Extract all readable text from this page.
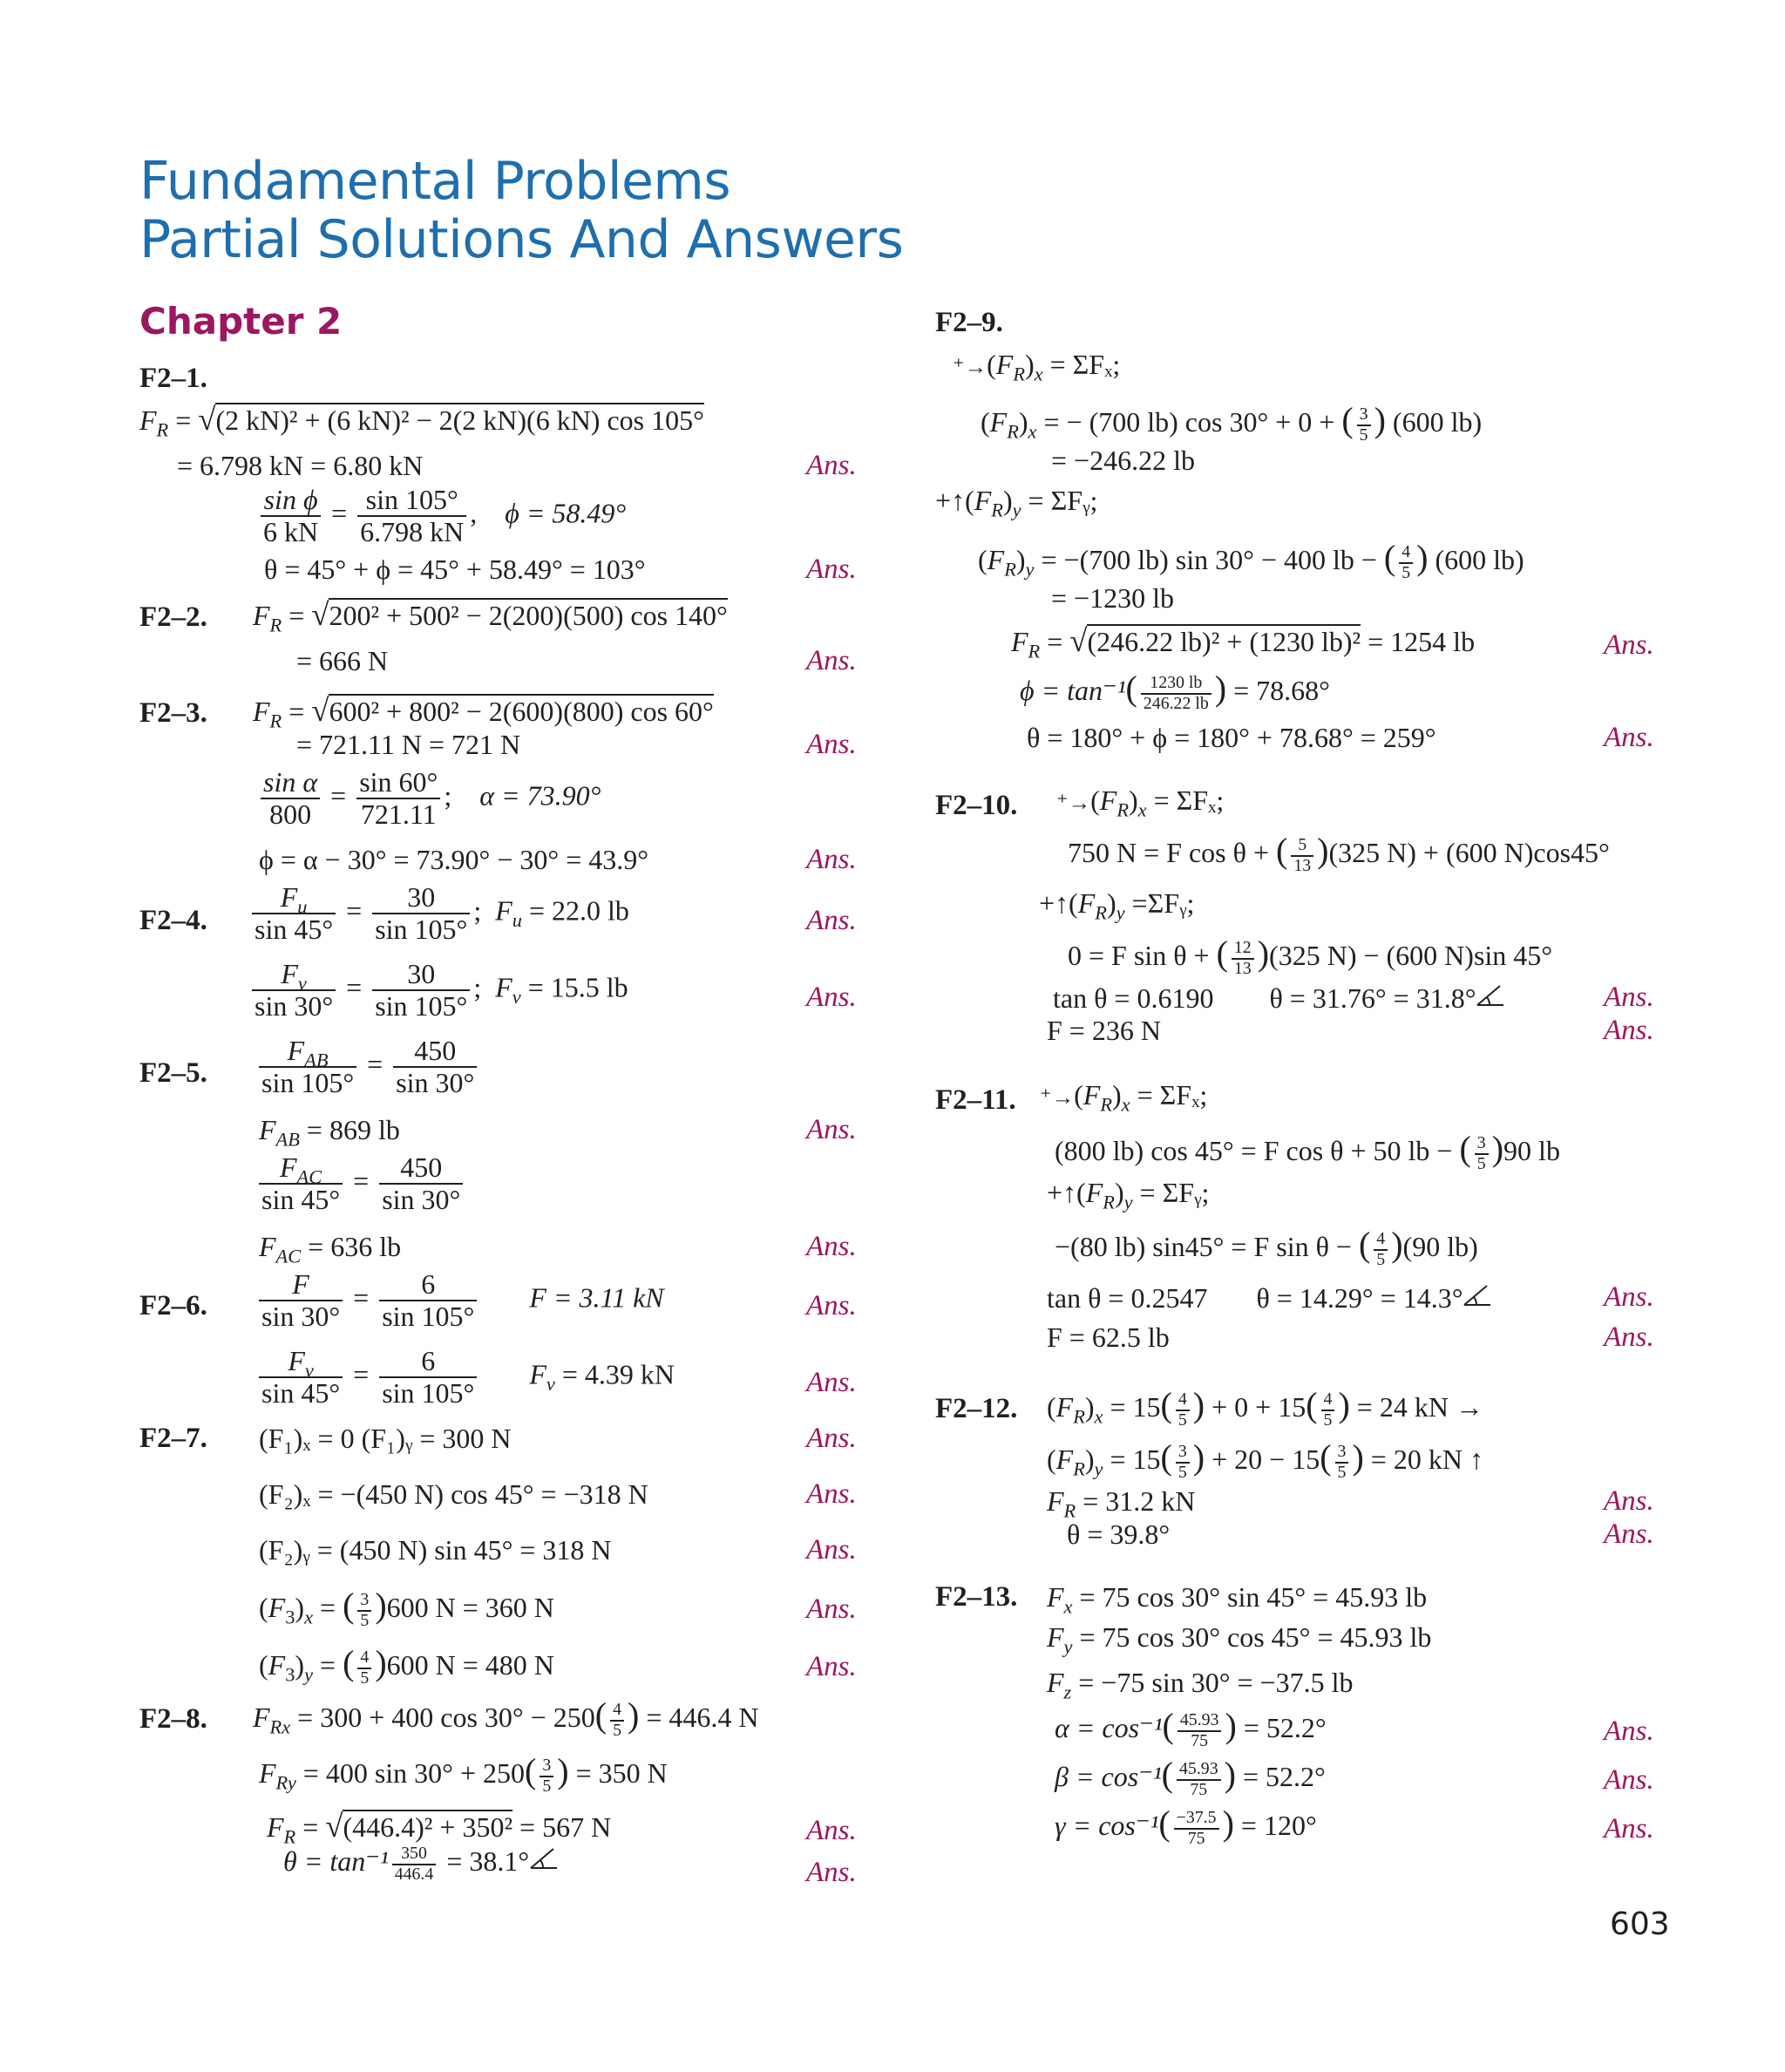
Fundamental Problems
Partial Solutions And Answers
Chapter 2
F2–1.
$F_R = √(2$ kN)² + (6 kN)² − 2(2 kN)(6 kN) cos 105°
= 6.798 kN = 6.80 kN	Ans.
$\frac{\text{sin ϕ}}{6 kN} = \frac{\sin 105^\circ}{6.798 kN}$ ,    ϕ = 58.49°
θ = 45° + ϕ = 45° + 58.49° = 103°	Ans.
F2–2. $F_R = √200^2 + 500^2 - 2(200)(500)$ cos 140°
= 666 N	Ans.
F2–3. $F_R = √600^2 + 800^2 - 2(600)(800)$ cos 60°
= 721.11 N = 721 N	Ans.
$\frac{\text{sin α}}{800} = \frac{\sin 60^\circ}{721.11}$ ;    α = 73.90°
ϕ = α − 30° = 73.90° − 30° = 43.9°	Ans.
F2–4. $\frac{F_u}{\sin 45^\circ} = \frac{30}{\sin 105^\circ}$ ;  $F_u = 22.0$ lb	Ans.
$\frac{F_v}{\sin 30^\circ} = \frac{30}{\sin 105^\circ}$ ;  $F_v = 15.5$ lb	Ans.
F2–5. $\frac{F_{AB}}{\sin 105^\circ} = \frac{450}{\sin 30^\circ}$
$F_{AB} = 869$ lb	Ans.
$\frac{F_{AC}}{\sin 45^\circ} = \frac{450}{\sin 30^\circ}$
$F_{AC} = 636$ lb	Ans.
F2–6. $\frac{F}{\sin 30^\circ} = \frac{6}{\sin 105^\circ}$ F = 3.11 kN	Ans.
$\frac{F_v}{\sin 45^\circ} = \frac{6}{\sin 105^\circ} F_v = 4.39$ kN	Ans.
F2–7. (F₁)ₓ = 0 (F₁)ᵧ = 300 N	Ans.
(F₂)ₓ = −(450 N) cos 45° = −318 N	Ans.
(F₂)ᵧ = (450 N) sin 45° = 318 N	Ans.
$(F_3)_x$ = ( $\frac{3}{5} )600$ N = 360 N	Ans.
$(F_3)_y$ = ( $\frac{4}{5} )600$ N = 480 N	Ans.
F2–8. $F_{Rx} = 300 + 400$ $\cos 30^\circ - 250( \frac{4}{5}$ ) = 446.4 N
$F_{Ry} = 400$ $\sin 30^\circ + 250( \frac{3}{5}$ ) = 350 N
$F_R = √(446.4)^2 + 350^2 = 567$ N	Ans.
$\theta = \tan^{-1} \frac{350}{446.4} = 38.1^\circ$	Ans.
F2–9.
$^+\to(F_R)_x = \Sigma F_x$;
$(F_R)_x$ = − (700 lb) cos 30° + 0 + ( $\frac{3}{5}$ ) (600 lb)
= −246.22 lb
$+↑(F_R)_y$ = ΣFᵧ;
$(F_R)_y = -(700$ lb) sin 30° − 400 lb − ( $\frac{4}{5}$ ) (600 lb)
= −1230 lb
$F_R = √(246.22$ lb)² + (1230 lb)² = 1254 lb	Ans.
$\phi = \tan^{-1}( \frac{1230 lb}{246.22 lb}$ ) = 78.68°
θ = 180° + ϕ = 180° + 78.68° = 259°	Ans.
F2–10. $^+\to(F_R)_x = \Sigma F_x$;
750 N = F cos θ + ( $\frac{5}{13} )(325$ N) + (600 N)cos45°
$+↑(F_R)_y$ =ΣFᵧ;
0 = F sin θ + ( $\frac{12}{13} )(325$ N) − (600 N)sin 45°
tan θ = 0.6190 θ = 31.76° = 31.8°	Ans.
F = 236 N	Ans.
F2–11. $^+\to(F_R)_x = \Sigma F_x$;
(800 lb) cos 45° = F cos θ + 50 lb − ( $\frac{3}{5} )90$ lb
$+↑(F_R)_y$ = ΣFᵧ;
−(80 lb) sin45° = F sin θ − ( $\frac{4}{5} )(90$ lb)
tan θ = 0.2547 θ = 14.29° = 14.3°	Ans.
F = 62.5 lb	Ans.
F2–12. $(F_R)_x = 15( \frac{4}{5}$ ) + $0 + 15( \frac{4}{5}$ ) = 24 kN →
$(F_R)_y = 15( \frac{3}{5}$ ) + $20 - 15( \frac{3}{5}$ ) = 20 kN ↑
$F_R = 31.2$ kN	Ans.
θ = 39.8°	Ans.
F2–13. $F_x = 75$ cos 30° sin 45° = 45.93 lb
$F_y = 75$ cos 30° cos 45° = 45.93 lb
$F_z = -75$ sin 30° = −37.5 lb
$\alpha = \cos^{-1}( \frac{45.93}{75}$ ) = 52.2°	Ans.
$\beta = \cos^{-1}( \frac{45.93}{75}$ ) = 52.2°	Ans.
$\gamma = \cos^{-1}( \frac{-37.5}{75}$ ) = 120°	Ans.
603
